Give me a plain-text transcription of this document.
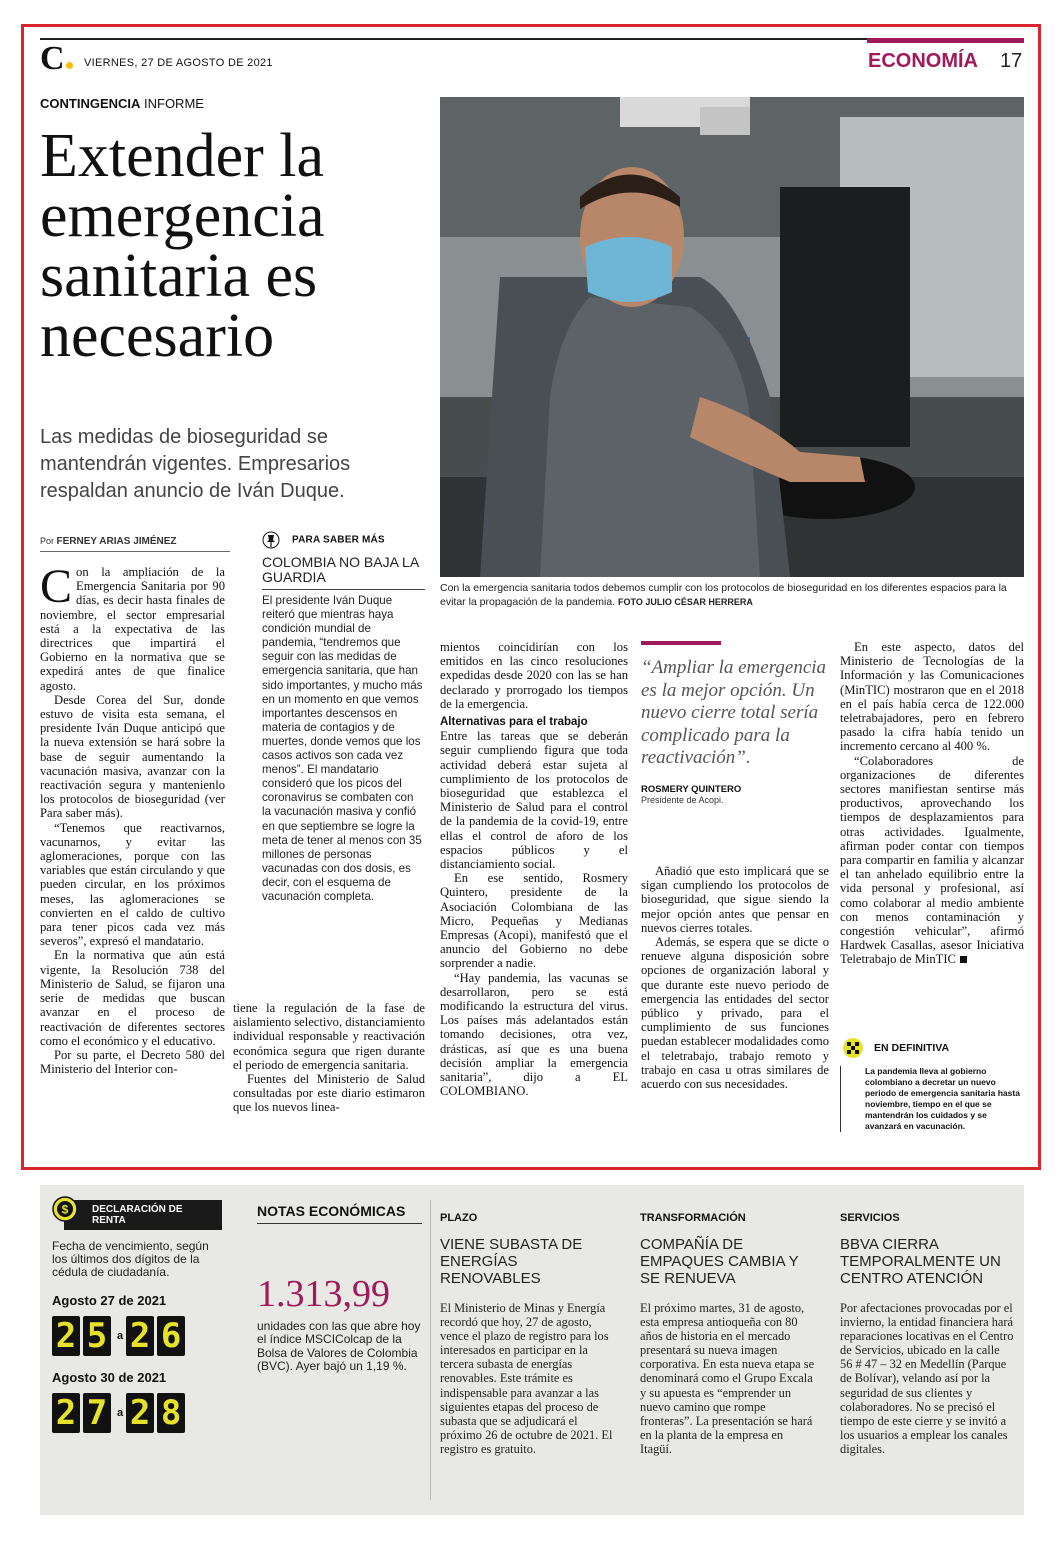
C	VIERNES, 27 DE AGOSTO DE 2021	ECONOMÍA 17
CONTINGENCIA INFORME
Extender la emergencia sanitaria es necesario
Las medidas de bioseguridad se mantendrán vigentes. Empresarios respaldan anuncio de Iván Duque.
Con la emergencia sanitaria todos debemos cumplir con los protocolos de bioseguridad en los diferentes espacios para la evitar la propagación de la pandemia. FOTO JULIO CÉSAR HERRERA
Por FERNEY ARIAS JIMÉNEZ

Con la ampliación de la Emergencia Sanitaria por 90 días, es decir hasta finales de noviembre, el sector empresarial está a la expectativa de las directrices que impartirá el Gobierno en la normativa que se expedirá antes de que finalice agosto.

Desde Corea del Sur, donde estuvo de visita esta semana, el presidente Iván Duque anticipó que la nueva extensión se hará sobre la base de seguir aumentando la vacunación masiva, avanzar con la reactivación segura y mantenienlo los protocolos de bioseguridad (ver Para saber más).

“Tenemos que reactivarnos, vacunarnos, y evitar las aglomeraciones, porque con las variables que están circulando y que pueden circular, en los próximos meses, las aglomeraciones se convierten en el caldo de cultivo para tener picos cada vez más severos”, expresó el mandatario.

En la normativa que aún está vigente, la Resolución 738 del Ministerio de Salud, se fijaron una serie de medidas que buscan avanzar en el proceso de reactivación de diferentes sectores como el económico y el educativo.

Por su parte, el Decreto 580 del Ministerio del Interior con-

PARA SABER MÁS
COLOMBIA NO BAJA LA GUARDIA
El presidente Iván Duque reiteró que mientras haya condición mundial de pandemia, “tendremos que seguir con las medidas de emergencia sanitaria, que han sido importantes, y mucho más en un momento en que vemos importantes descensos en materia de contagios y de muertes, donde vemos que los casos activos son cada vez menos”. El mandatario consideró que los picos del coronavirus se combaten con la vacunación masiva y confió en que septiembre se logre la meta de tener al menos con 35 millones de personas vacunadas con dos dosis, es decir, con el esquema de vacunación completa.

tiene la regulación de la fase de aislamiento selectivo, distanciamiento individual responsable y reactivación económica segura que rigen durante el periodo de emergencia sanitaria.

Fuentes del Ministerio de Salud consultadas por este diario estimaron que los nuevos linea-

mientos coincidirían con los emitidos en las cinco resoluciones expedidas desde 2020 con las se han declarado y prorrogado los tiempos de la emergencia.

Alternativas para el trabajo

Entre las tareas que se deberán seguir cumpliendo figura que toda actividad deberá estar sujeta al cumplimiento de los protocolos de bioseguridad que establezca el Ministerio de Salud para el control de la pandemia de la covid-19, entre ellas el control de aforo de los espacios públicos y el distanciamiento social.

En ese sentido, Rosmery Quintero, presidente de la Asociación Colombiana de las Micro, Pequeñas y Medianas Empresas (Acopi), manifestó que el anuncio del Gobierno no debe sorprender a nadie.

“Hay pandemia, las vacunas se desarrollaron, pero se está modificando la estructura del virus. Los países más adelantados están tomando decisiones, otra vez, drásticas, así que es una buena decisión ampliar la emergencia sanitaria”, dijo a EL COLOMBIANO.

“Ampliar la emergencia es la mejor opción. Un nuevo cierre total sería complicado para la reactivación”.
ROSMERY QUINTERO
Presidente de Acopi.

Añadió que esto implicará que se sigan cumpliendo los protocolos de bioseguridad, que sigue siendo la mejor opción antes que pensar en nuevos cierres totales.

Además, se espera que se dicte o renueve alguna disposición sobre opciones de organización laboral y que durante este nuevo periodo de emergencia las entidades del sector público y privado, para el cumplimiento de sus funciones puedan establecer modalidades como el teletrabajo, trabajo remoto y trabajo en casa u otras similares de acuerdo con sus necesidades.

En este aspecto, datos del Ministerio de Tecnologías de la Información y las Comunicaciones (MinTIC) mostraron que en el 2018 en el país había cerca de 122.000 teletrabajadores, pero en febrero pasado la cifra había tenido un incremento cercano al 400 %.

“Colaboradores de organizaciones de diferentes sectores manifiestan sentirse más productivos, aprovechando los tiempos de desplazamientos para otras actividades. Igualmente, afirman poder contar con tiempos para compartir en familia y alcanzar el tan anhelado equilibrio entre la vida personal y profesional, así como colaborar al medio ambiente con menos contaminación y congestión vehicular”, afirmó Hardwek Casallas, asesor Iniciativa Teletrabajo de MinTIC

EN DEFINITIVA
La pandemia lleva al gobierno colombiano a decretar un nuevo periodo de emergencia sanitaria hasta noviembre, tiempo en el que se mantendrán los cuidados y se avanzará en vacunación.
$ DECLARACIÓN DE RENTA
Fecha de vencimiento, según los últimos dos dígitos de la cédula de ciudadanía.
Agosto 27 de 2021
2 5 a 2 6
Agosto 30 de 2021
2 7 a 2 8
NOTAS ECONÓMICAS
1.313,99
unidades con las que abre hoy el índice MSCIColcap de la Bolsa de Valores de Colombia (BVC). Ayer bajó un 1,19 %.
PLAZO
VIENE SUBASTA DE ENERGÍAS RENOVABLES
El Ministerio de Minas y Energía recordó que hoy, 27 de agosto, vence el plazo de registro para los interesados en participar en la tercera subasta de energías renovables. Este trámite es indispensable para avanzar a las siguientes etapas del proceso de subasta que se adjudicará el próximo 26 de octubre de 2021. El registro es gratuito.
TRANSFORMACIÓN
COMPAÑÍA DE EMPAQUES CAMBIA Y SE RENUEVA
El próximo martes, 31 de agosto, esta empresa antioqueña con 80 años de historia en el mercado presentará su nueva imagen corporativa. En esta nueva etapa se denominará como el Grupo Excala y su apuesta es “emprender un nuevo camino que rompe fronteras”. La presentación se hará en la planta de la empresa en Itagüí.
SERVICIOS
BBVA CIERRA TEMPORALMENTE UN CENTRO ATENCIÓN
Por afectaciones provocadas por el invierno, la entidad financiera hará reparaciones locativas en el Centro de Servicios, ubicado en la calle 56 # 47 – 32 en Medellín (Parque de Bolívar), velando así por la seguridad de sus clientes y colaboradores. No se precisó el tiempo de este cierre y se invitó a los usuarios a emplear los canales digitales.
